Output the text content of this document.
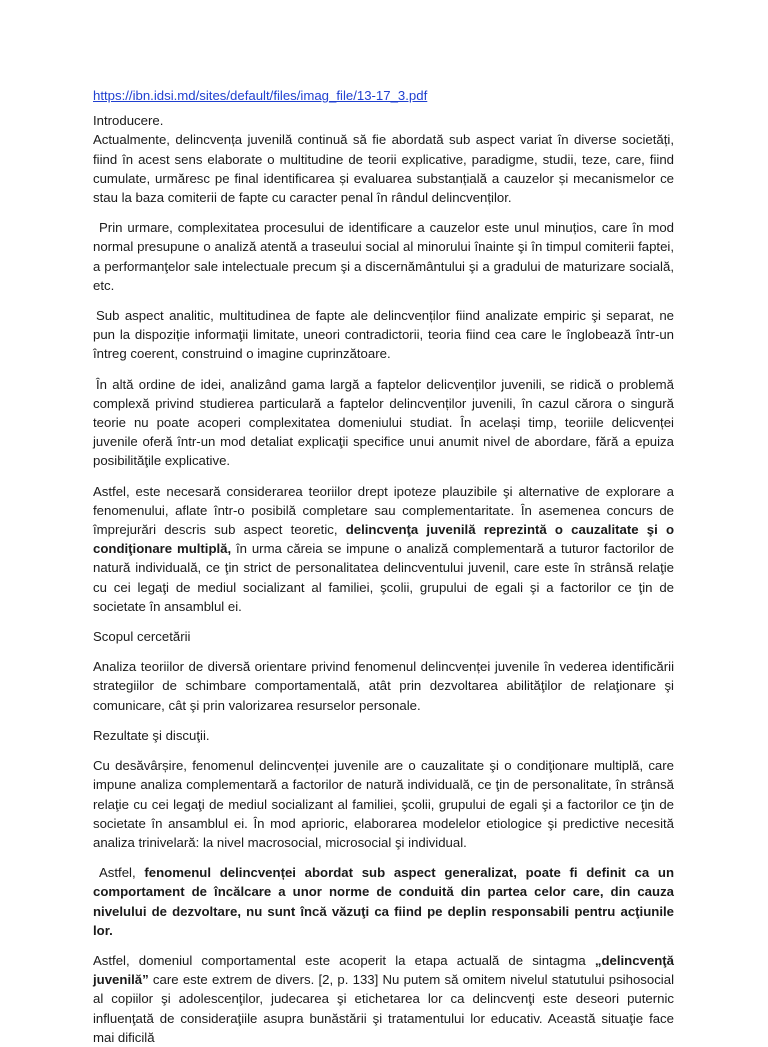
https://ibn.idsi.md/sites/default/files/imag_file/13-17_3.pdf

Introducere.

Actualmente, delincvența juvenilă continuă să fie abordată sub aspect variat în diverse societăți, fiind în acest sens elaborate o multitudine de teorii explicative, paradigme, studii, teze, care, fiind cumulate, urmăresc pe final identificarea și evaluarea substanțială a cauzelor și mecanismelor ce stau la baza comiterii de fapte cu caracter penal în rândul delincvenților.

Prin urmare, complexitatea procesului de identificare a cauzelor este unul minuțios, care în mod normal presupune o analiză atentă a traseului social al minorului înainte şi în timpul comiterii faptei, a performanţelor sale intelectuale precum şi a discernământului şi a gradului de maturizare socială, etc.

Sub aspect analitic, multitudinea de fapte ale delincvenților fiind analizate empiric şi separat, ne pun la dispoziție informaţii limitate, uneori contradictorii, teoria fiind cea care le înglobează într-un întreg coerent, construind o imagine cuprinzătoare.

În altă ordine de idei, analizând gama largă a faptelor delicvenților juvenili, se ridică o problemă complexă privind studierea particulară a faptelor delincvenților juvenili, în cazul cărora o singură teorie nu poate acoperi complexitatea domeniului studiat. În același timp, teoriile delicvenței juvenile oferă într-un mod detaliat explicaţii specifice unui anumit nivel de abordare, fără a epuiza posibilităţile explicative.

Astfel, este necesară considerarea teoriilor drept ipoteze plauzibile şi alternative de explorare a fenomenului, aflate într-o posibilă completare sau complementaritate. În asemenea concurs de împrejurări descris sub aspect teoretic, delincvenţa juvenilă reprezintă o cauzalitate şi o condiţionare multiplă, în urma căreia se impune o analiză complementară a tuturor factorilor de natură individuală, ce ţin strict de personalitatea delincventului juvenil, care este în strânsă relaţie cu cei legaţi de mediul socializant al familiei, şcolii, grupului de egali şi a factorilor ce ţin de societate în ansamblul ei.

Scopul cercetării

Analiza teoriilor de diversă orientare privind fenomenul delincvenței juvenile în vederea identificării strategiilor de schimbare comportamentală, atât prin dezvoltarea abilităţilor de relaţionare şi comunicare, cât şi prin valorizarea resurselor personale.

Rezultate şi discuţii.

Cu desăvârșire, fenomenul delincvenței juvenile are o cauzalitate şi o condiţionare multiplă, care impune analiza complementară a factorilor de natură individuală, ce ţin de personalitate, în strânsă relaţie cu cei legaţi de mediul socializant al familiei, şcolii, grupului de egali şi a factorilor ce ţin de societate în ansamblul ei. În mod aprioric, elaborarea modelelor etiologice şi predictive necesită analiza trinivelară: la nivel macrosocial, microsocial şi individual.

Astfel, fenomenul delincvenței abordat sub aspect generalizat, poate fi definit ca un comportament de încălcare a unor norme de conduită din partea celor care, din cauza nivelului de dezvoltare, nu sunt încă văzuţi ca fiind pe deplin responsabili pentru acţiunile lor.

Astfel, domeniul comportamental este acoperit la etapa actuală de sintagma „delincvenţă juvenilă” care este extrem de divers. [2, p. 133] Nu putem să omitem nivelul statutului psihosocial al copiilor şi adolescenţilor, judecarea şi etichetarea lor ca delincvenţi este deseori puternic influenţată de consideraţiile asupra bunăstării şi tratamentului lor educativ. Această situaţie face mai dificilă
